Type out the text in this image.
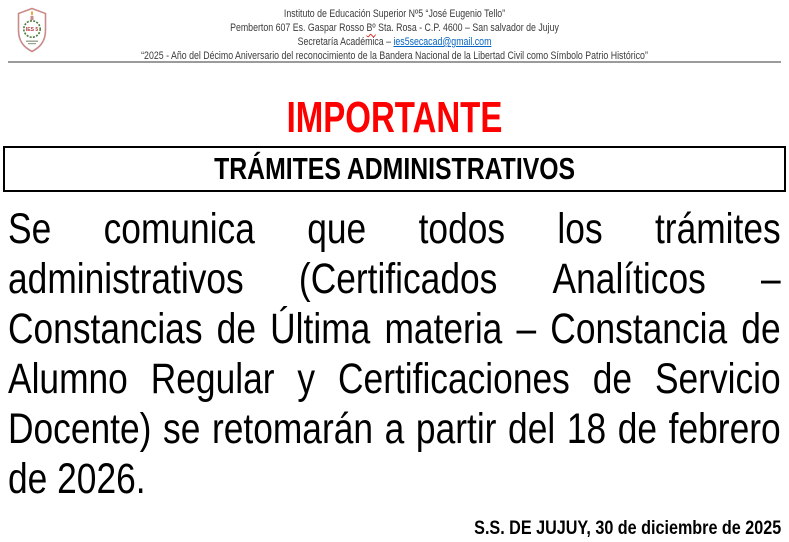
IES 5
Instituto de Educación Superior Nº5 “José Eugenio Tello”
Pemberton 607 Es. Gaspar Rosso Bº Sta. Rosa - C.P. 4600 – San salvador de Jujuy
Secretaría Académica – ies5secacad@gmail.com
“2025 - Año del Décimo Aniversario del reconocimiento de la Bandera Nacional de la Libertad Civil como Símbolo Patrio Histórico”
IMPORTANTE
TRÁMITES ADMINISTRATIVOS
Se comunica que todos los trámites
administrativos (Certificados Analíticos –
Constancias de Última materia – Constancia de
Alumno Regular y Certificaciones de Servicio
Docente) se retomarán a partir del 18 de febrero
de 2026.
S.S. DE JUJUY, 30 de diciembre de 2025
